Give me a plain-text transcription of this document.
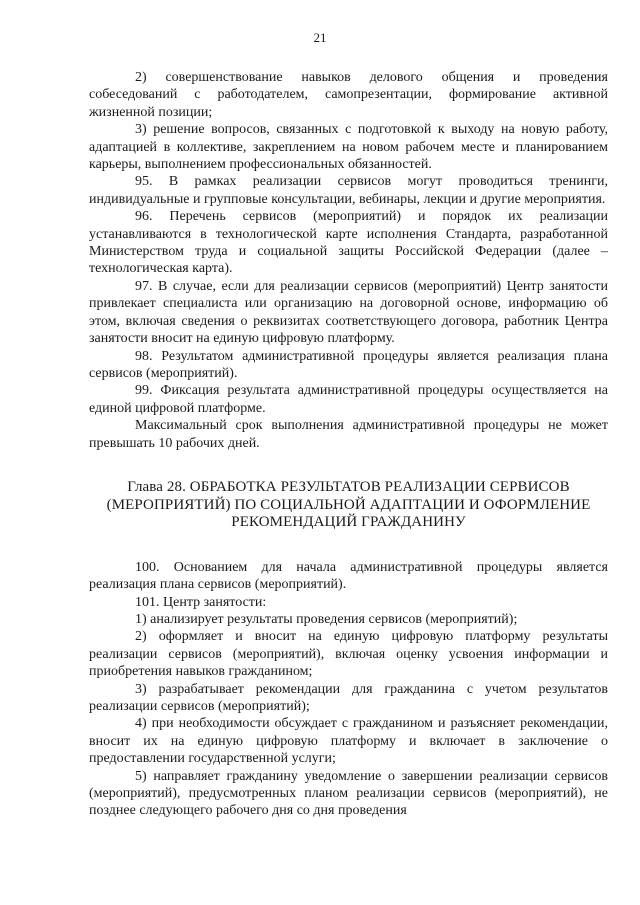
21

2) совершенствование навыков делового общения и проведения собеседований с работодателем, самопрезентации, формирование активной жизненной позиции;

3) решение вопросов, связанных с подготовкой к выходу на новую работу, адаптацией в коллективе, закреплением на новом рабочем месте и планированием карьеры, выполнением профессиональных обязанностей.

95. В рамках реализации сервисов могут проводиться тренинги, индивидуальные и групповые консультации, вебинары, лекции и другие мероприятия.

96. Перечень сервисов (мероприятий) и порядок их реализации устанавливаются в технологической карте исполнения Стандарта, разработанной Министерством труда и социальной защиты Российской Федерации (далее – технологическая карта).

97. В случае, если для реализации сервисов (мероприятий) Центр занятости привлекает специалиста или организацию на договорной основе, информацию об этом, включая сведения о реквизитах соответствующего договора, работник Центра занятости вносит на единую цифровую платформу.

98. Результатом административной процедуры является реализация плана сервисов (мероприятий).

99. Фиксация результата административной процедуры осуществляется на единой цифровой платформе.

Максимальный срок выполнения административной процедуры не может превышать 10 рабочих дней.

Глава 28. ОБРАБОТКА РЕЗУЛЬТАТОВ РЕАЛИЗАЦИИ СЕРВИСОВ
(МЕРОПРИЯТИЙ) ПО СОЦИАЛЬНОЙ АДАПТАЦИИ И ОФОРМЛЕНИЕ
РЕКОМЕНДАЦИЙ ГРАЖДАНИНУ

100. Основанием для начала административной процедуры является реализация плана сервисов (мероприятий).

101. Центр занятости:

1) анализирует результаты проведения сервисов (мероприятий);

2) оформляет и вносит на единую цифровую платформу результаты реализации сервисов (мероприятий), включая оценку усвоения информации и приобретения навыков гражданином;

3) разрабатывает рекомендации для гражданина с учетом результатов реализации сервисов (мероприятий);

4) при необходимости обсуждает с гражданином и разъясняет рекомендации, вносит их на единую цифровую платформу и включает в заключение о предоставлении государственной услуги;

5) направляет гражданину уведомление о завершении реализации сервисов (мероприятий), предусмотренных планом реализации сервисов (мероприятий), не позднее следующего рабочего дня со дня проведения
